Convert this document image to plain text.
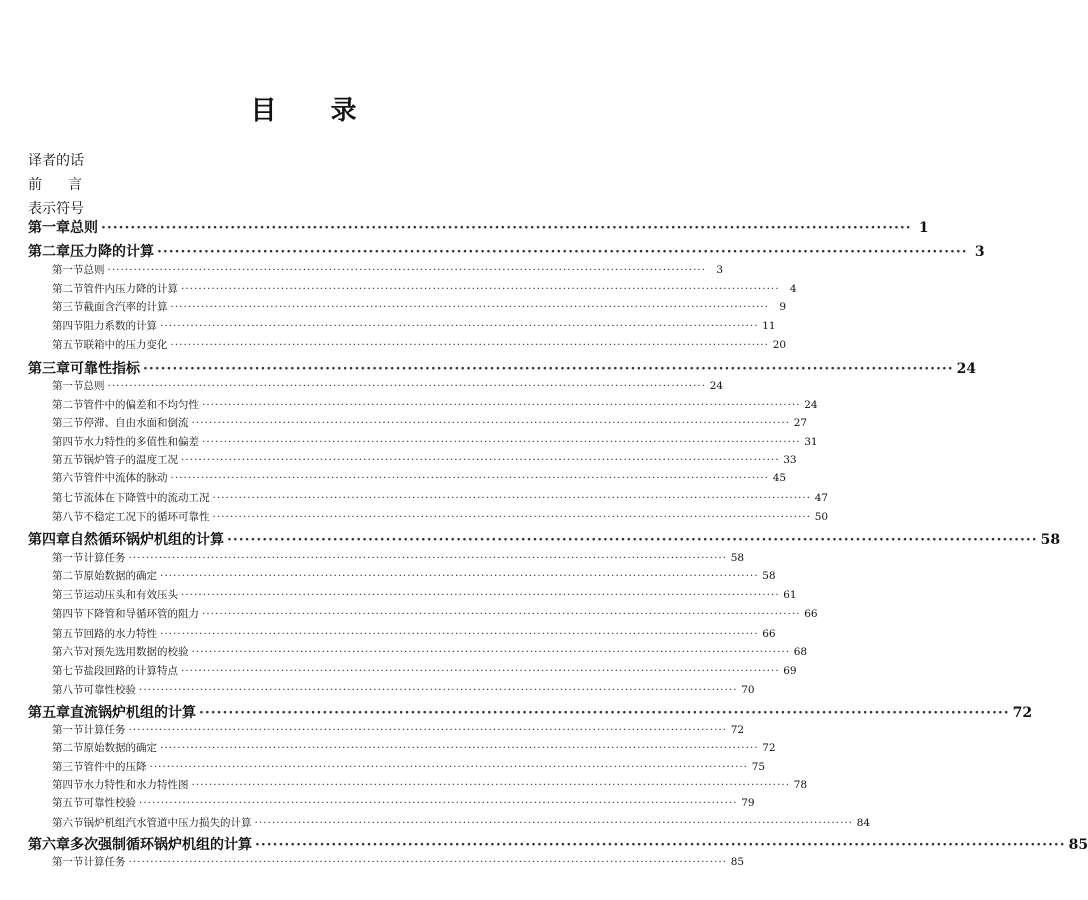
目 录
译者的话
前 言
表示符号
第一章 总则 ·········································································································································· 1
第二章 压力降的计算 ·········································································································································· 3
第一节 总则 ·········································································································································· 3
第二节 管件内压力降的计算 ·········································································································································· 4
第三节 截面含汽率的计算 ·········································································································································· 9
第四节 阻力系数的计算 ·········································································································································· 11
第五节 联箱中的压力变化 ·········································································································································· 20
第三章 可靠性指标 ·········································································································································· 24
第一节 总则 ·········································································································································· 24
第二节 管件中的偏差和不均匀性 ·········································································································································· 24
第三节 停滞、自由水面和倒流 ·········································································································································· 27
第四节 水力特性的多值性和偏差 ·········································································································································· 31
第五节 锅炉管子的温度工况 ·········································································································································· 33
第六节 管件中流体的脉动 ·········································································································································· 45
第七节 流体在下降管中的流动工况 ·········································································································································· 47
第八节 不稳定工况下的循环可靠性 ·········································································································································· 50
第四章 自然循环锅炉机组的计算 ·········································································································································· 58
第一节 计算任务 ·········································································································································· 58
第二节 原始数据的确定 ·········································································································································· 58
第三节 运动压头和有效压头 ·········································································································································· 61
第四节 下降管和导循环管的阻力 ·········································································································································· 66
第五节 回路的水力特性 ·········································································································································· 66
第六节 对预先选用数据的校验 ·········································································································································· 68
第七节 盐段回路的计算特点 ·········································································································································· 69
第八节 可靠性校验 ·········································································································································· 70
第五章 直流锅炉机组的计算 ·········································································································································· 72
第一节 计算任务 ·········································································································································· 72
第二节 原始数据的确定 ·········································································································································· 72
第三节 管件中的压降 ·········································································································································· 75
第四节 水力特性和水力特性图 ·········································································································································· 78
第五节 可靠性校验 ·········································································································································· 79
第六节 锅炉机组汽水管道中压力损失的计算 ·········································································································································· 84
第六章 多次强制循环锅炉机组的计算 ·········································································································································· 85
第一节 计算任务 ·········································································································································· 85
